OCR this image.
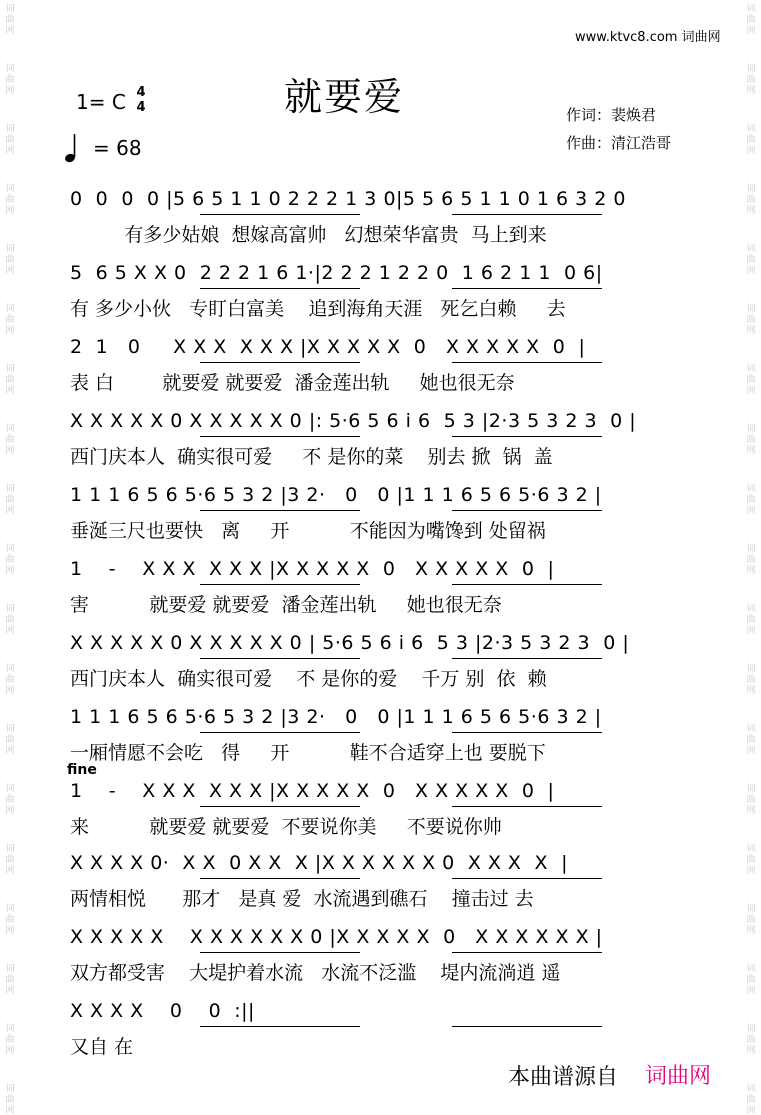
词
曲
网
词
曲
网
词
曲
网
词
曲
网
词
曲
网
词
曲
网
词
曲
网
词
曲
网
词
曲
网
词
曲
网
词
曲
网
词
曲
网
词
曲
网
词
曲
网
词
曲
网
词
曲
网
词
曲
网
词
曲
网
词
曲
网
词
曲
网
词
曲
网
词
曲
网
词
曲
网
词
曲
网
词
曲
网
词
曲
网
词
曲
网
词
曲
网
词
曲
网
词
曲
网
词
曲
网
词
曲
网
词
曲
网
词
曲
网
词
曲
网
词
曲
网
词
曲
网
词
曲
网
www.ktvc8.com 词曲网
就要爱
1= C 4
4
= 68
作词：裴焕君
作曲：清江浩哥
0  0  0  0 |5 6 5 1 1 0 2 2 2 1 3 0|5 5 6 5 1 1 0 1 6 3 2 0
有多少姑娘  想嫁高富帅   幻想荣华富贵  马上到来
5  6 5 X X 0  2 2 2 1 6 1·|2 2 2 1 2 2 0  1 6 2 1 1  0 6|
有 多少小伙   专盯白富美    追到海角天涯   死乞白赖     去
2  1   0     X X X  X X X |X X X X X  0   X X X X X  0  |
表 白        就要爱 就要爱  潘金莲出轨     她也很无奈
X X X X X 0 X X X X X 0 |: 5·6 5 6 i 6  5 3 |2·3 5 3 2 3  0 |
西门庆本人  确实很可爱     不 是你的菜    别去 掀  锅  盖
1 1 1 6 5 6 5·6 5 3 2 |3 2·   0   0 |1 1 1 6 5 6 5·6 3 2 |
垂涎三尺也要快   离     开          不能因为嘴馋到 处留祸
1    -    X X X  X X X |X X X X X  0   X X X X X  0  |
害          就要爱 就要爱  潘金莲出轨     她也很无奈
X X X X X 0 X X X X X 0 | 5·6 5 6 i 6  5 3 |2·3 5 3 2 3  0 |
西门庆本人  确实很可爱    不 是你的爱    千万 别  依  赖
1 1 1 6 5 6 5·6 5 3 2 |3 2·   0   0 |1 1 1 6 5 6 5·6 3 2 |
一厢情愿不会吃   得     开          鞋不合适穿上也 要脱下
1    -    X X X  X X X |X X X X X  0   X X X X X  0  |
来          就要爱 就要爱  不要说你美     不要说你帅
X X X X 0·  X X  0 X X  X |X X X X X X 0  X X X  X  |
两情相悦      那才   是真 爱  水流遇到礁石    撞击过 去
X X X X X    X X X X X X 0 |X X X X X  0   X X X X X X |
双方都受害    大堤护着水流   水流不泛滥    堤内流淌逍 遥
X X X X    0    0  :||
又自 在
fine
本曲谱源自 词曲网
